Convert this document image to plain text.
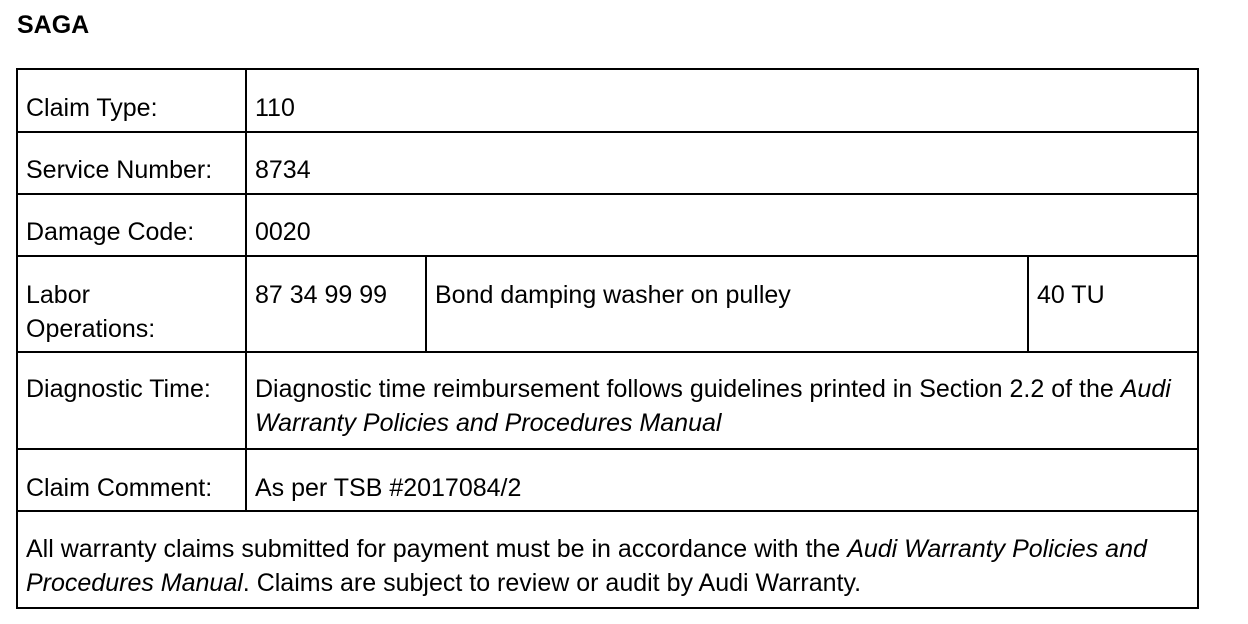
SAGA
Claim Type:	110		
Service Number:	8734		
Damage Code:	0020		

Labor
Operations:	87 34 99 99	Bond damping washer on pulley	40 TU
Diagnostic Time:	Diagnostic time reimbursement follows guidelines printed in Section 2.2 of the Audi Warranty Policies and Procedures Manual		
Claim Comment:	As per TSB #2017084/2		
All warranty claims submitted for payment must be in accordance with the Audi Warranty Policies and Procedures Manual. Claims are subject to review or audit by Audi Warranty.			
